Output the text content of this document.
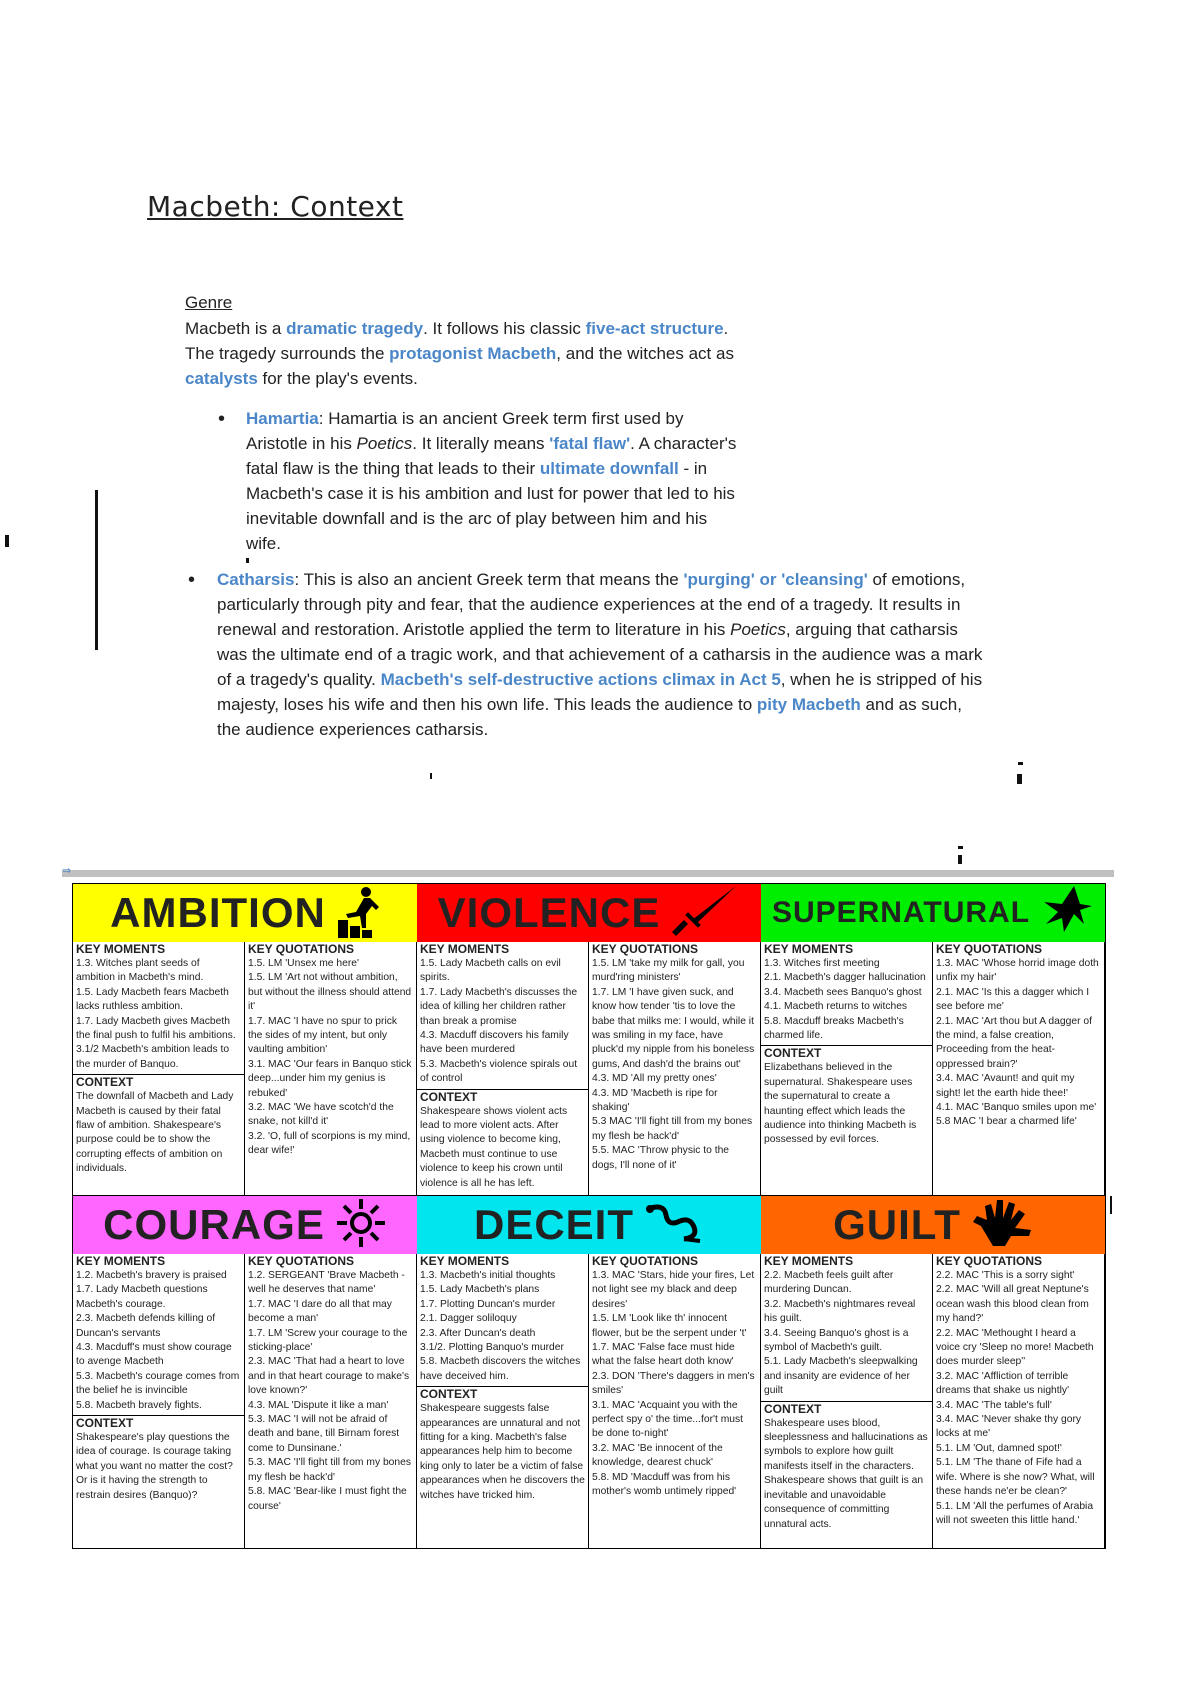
Macbeth: Context
Genre
Macbeth is a dramatic tragedy. It follows his classic five-act structure. The tragedy surrounds the protagonist Macbeth, and the witches act as catalysts for the play's events.
• Hamartia: Hamartia is an ancient Greek term first used by Aristotle in his Poetics. It literally means 'fatal flaw'. A character's fatal flaw is the thing that leads to their ultimate downfall - in Macbeth's case it is his ambition and lust for power that led to his inevitable downfall and is the arc of play between him and his wife.
• Catharsis: This is also an ancient Greek term that means the 'purging' or 'cleansing' of emotions, particularly through pity and fear, that the audience experiences at the end of a tragedy. It results in renewal and restoration. Aristotle applied the term to literature in his Poetics, arguing that catharsis was the ultimate end of a tragic work, and that achievement of a catharsis in the audience was a mark of a tragedy's quality. Macbeth's self-destructive actions climax in Act 5, when he is stripped of his majesty, loses his wife and then his own life. This leads the audience to pity Macbeth and as such, the audience experiences catharsis.
⇒
AMBITION
KEY MOMENTS

1.3. Witches plant seeds of ambition in Macbeth's mind.
1.5. Lady Macbeth fears Macbeth lacks ruthless ambition.
1.7. Lady Macbeth gives Macbeth the final push to fulfil his ambitions.
3.1/2 Macbeth's ambition leads to the murder of Banquo.

CONTEXT

The downfall of Macbeth and Lady Macbeth is caused by their fatal flaw of ambition. Shakespeare's purpose could be to show the corrupting effects of ambition on individuals.

KEY QUOTATIONS

1.5. LM 'Unsex me here'
1.5. LM 'Art not without ambition, but without the illness should attend it'
1.7. MAC 'I have no spur to prick the sides of my intent, but only vaulting ambition'
3.1. MAC 'Our fears in Banquo stick deep...under him my genius is rebuked'
3.2. MAC 'We have scotch'd the snake, not kill'd it'
3.2. 'O, full of scorpions is my mind, dear wife!'

VIOLENCE
KEY MOMENTS

1.5. Lady Macbeth calls on evil spirits.
1.7. Lady Macbeth's discusses the idea of killing her children rather than break a promise
4.3. Macduff discovers his family have been murdered
5.3. Macbeth's violence spirals out of control

CONTEXT

Shakespeare shows violent acts lead to more violent acts. After using violence to become king, Macbeth must continue to use violence to keep his crown until violence is all he has left.

KEY QUOTATIONS

1.5. LM 'take my milk for gall, you murd'ring ministers'
1.7. LM 'I have given suck, and know how tender 'tis to love the babe that milks me: I would, while it was smiling in my face, have pluck'd my nipple from his boneless gums, And dash'd the brains out'
4.3. MD 'All my pretty ones'
4.3. MD 'Macbeth is ripe for shaking'
5.3 MAC 'I'll fight till from my bones my flesh be hack'd'
5.5. MAC 'Throw physic to the dogs, I'll none of it'

SUPERNATURAL
KEY MOMENTS

1.3. Witches first meeting
2.1. Macbeth's dagger hallucination
3.4. Macbeth sees Banquo's ghost
4.1. Macbeth returns to witches
5.8. Macduff breaks Macbeth's charmed life.

CONTEXT

Elizabethans believed in the supernatural. Shakespeare uses the supernatural to create a haunting effect which leads the audience into thinking Macbeth is possessed by evil forces.

KEY QUOTATIONS

1.3. MAC 'Whose horrid image doth unfix my hair'
2.1. MAC 'Is this a dagger which I see before me'
2.1. MAC 'Art thou but A dagger of the mind, a false creation, Proceeding from the heat-oppressed brain?'
3.4. MAC 'Avaunt! and quit my sight! let the earth hide thee!'
4.1. MAC 'Banquo smiles upon me'
5.8 MAC 'I bear a charmed life'

COURAGE
KEY MOMENTS

1.2. Macbeth's bravery is praised
1.7. Lady Macbeth questions Macbeth's courage.
2.3. Macbeth defends killing of Duncan's servants
4.3. Macduff's must show courage to avenge Macbeth
5.3. Macbeth's courage comes from the belief he is invincible
5.8. Macbeth bravely fights.

CONTEXT

Shakespeare's play questions the idea of courage. Is courage taking what you want no matter the cost? Or is it having the strength to restrain desires (Banquo)?

KEY QUOTATIONS

1.2. SERGEANT 'Brave Macbeth - well he deserves that name'
1.7. MAC 'I dare do all that may become a man'
1.7. LM 'Screw your courage to the sticking-place'
2.3. MAC 'That had a heart to love and in that heart courage to make's love known?'
4.3. MAL 'Dispute it like a man'
5.3. MAC 'I will not be afraid of death and bane, till Birnam forest come to Dunsinane.'
5.3. MAC 'I'll fight till from my bones my flesh be hack'd'
5.8. MAC 'Bear-like I must fight the course'

DECEIT
KEY MOMENTS

1.3. Macbeth's initial thoughts
1.5. Lady Macbeth's plans
1.7. Plotting Duncan's murder
2.1. Dagger soliloquy
2.3. After Duncan's death
3.1/2. Plotting Banquo's murder
5.8. Macbeth discovers the witches have deceived him.

CONTEXT

Shakespeare suggests false appearances are unnatural and not fitting for a king. Macbeth's false appearances help him to become king only to later be a victim of false appearances when he discovers the witches have tricked him.

KEY QUOTATIONS

1.3. MAC 'Stars, hide your fires, Let not light see my black and deep desires'
1.5. LM 'Look like th' innocent flower, but be the serpent under 't'
1.7. MAC 'False face must hide what the false heart doth know'
2.3. DON 'There's daggers in men's smiles'
3.1. MAC 'Acquaint you with the perfect spy o' the time...for't must be done to-night'
3.2. MAC 'Be innocent of the knowledge, dearest chuck'
5.8. MD 'Macduff was from his mother's womb untimely ripped'

GUILT
KEY MOMENTS

2.2. Macbeth feels guilt after murdering Duncan.
3.2. Macbeth's nightmares reveal his guilt.
3.4. Seeing Banquo's ghost is a symbol of Macbeth's guilt.
5.1. Lady Macbeth's sleepwalking and insanity are evidence of her guilt

CONTEXT

Shakespeare uses blood, sleeplessness and hallucinations as symbols to explore how guilt manifests itself in the characters. Shakespeare shows that guilt is an inevitable and unavoidable consequence of committing unnatural acts.

KEY QUOTATIONS

2.2. MAC 'This is a sorry sight'
2.2. MAC 'Will all great Neptune's ocean wash this blood clean from my hand?'
2.2. MAC 'Methought I heard a voice cry 'Sleep no more! Macbeth does murder sleep''
3.2. MAC 'Affliction of terrible dreams that shake us nightly'
3.4. MAC 'The table's full'
3.4. MAC 'Never shake thy gory locks at me'
5.1. LM 'Out, damned spot!'
5.1. LM 'The thane of Fife had a wife. Where is she now? What, will these hands ne'er be clean?'
5.1. LM 'All the perfumes of Arabia will not sweeten this little hand.'
